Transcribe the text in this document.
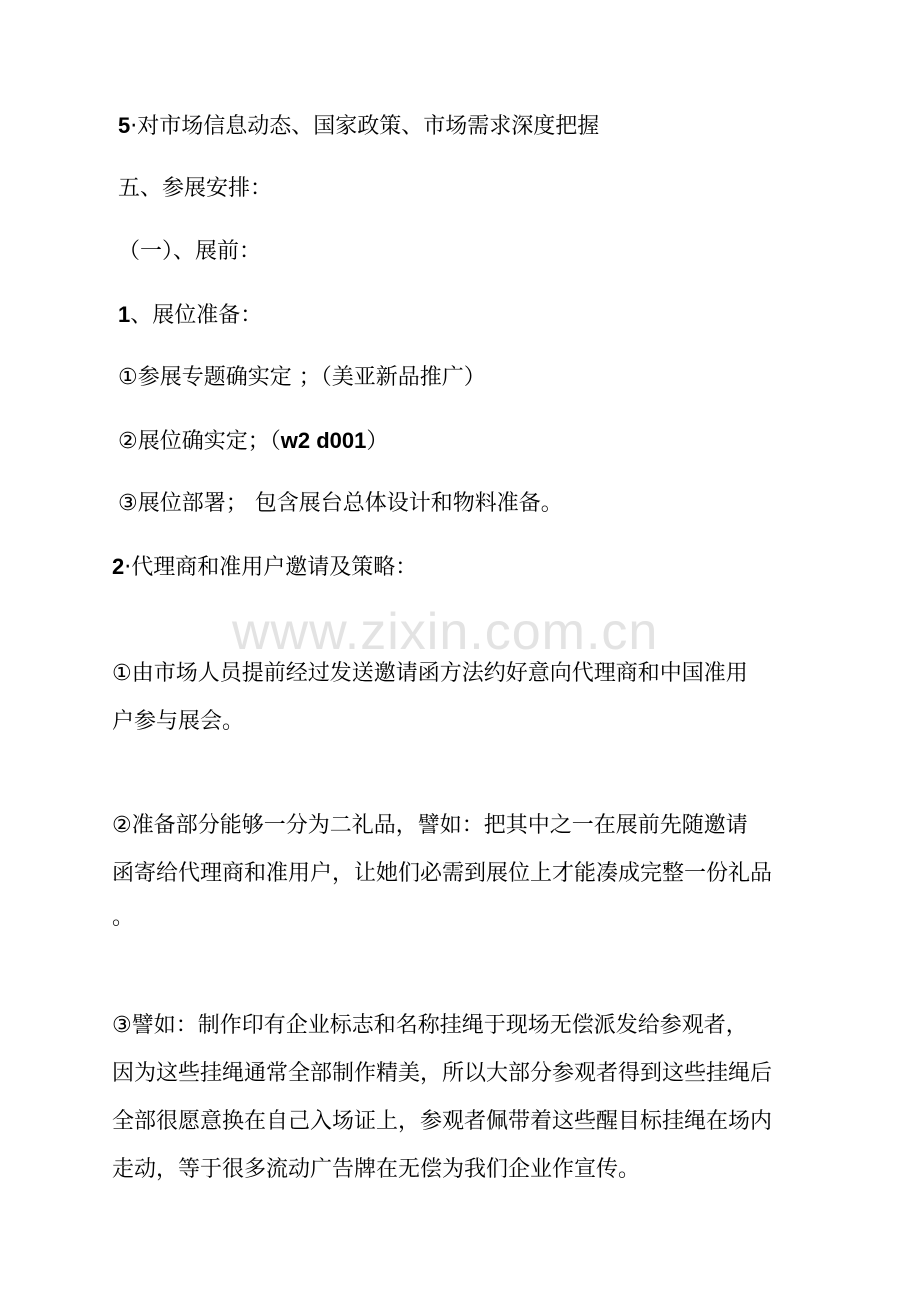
www.zixin.com.cn
5·对市场信息动态、国家政策、市场需求深度把握
五、参展安排：
（一）、展前：
1、展位准备：
①参展专题确实定 ；（美亚新品推广）
②展位确实定；（w2 d001）
③展位部署； 包含展台总体设计和物料准备。
2·代理商和准用户邀请及策略：
①由市场人员提前经过发送邀请函方法约好意向代理商和中国准用
户参与展会。
②准备部分能够一分为二礼品，譬如：把其中之一在展前先随邀请
函寄给代理商和准用户，让她们必需到展位上才能凑成完整一份礼品
。
③譬如：制作印有企业标志和名称挂绳于现场无偿派发给参观者，
因为这些挂绳通常全部制作精美，所以大部分参观者得到这些挂绳后
全部很愿意换在自己入场证上，参观者佩带着这些醒目标挂绳在场内
走动，等于很多流动广告牌在无偿为我们企业作宣传。
